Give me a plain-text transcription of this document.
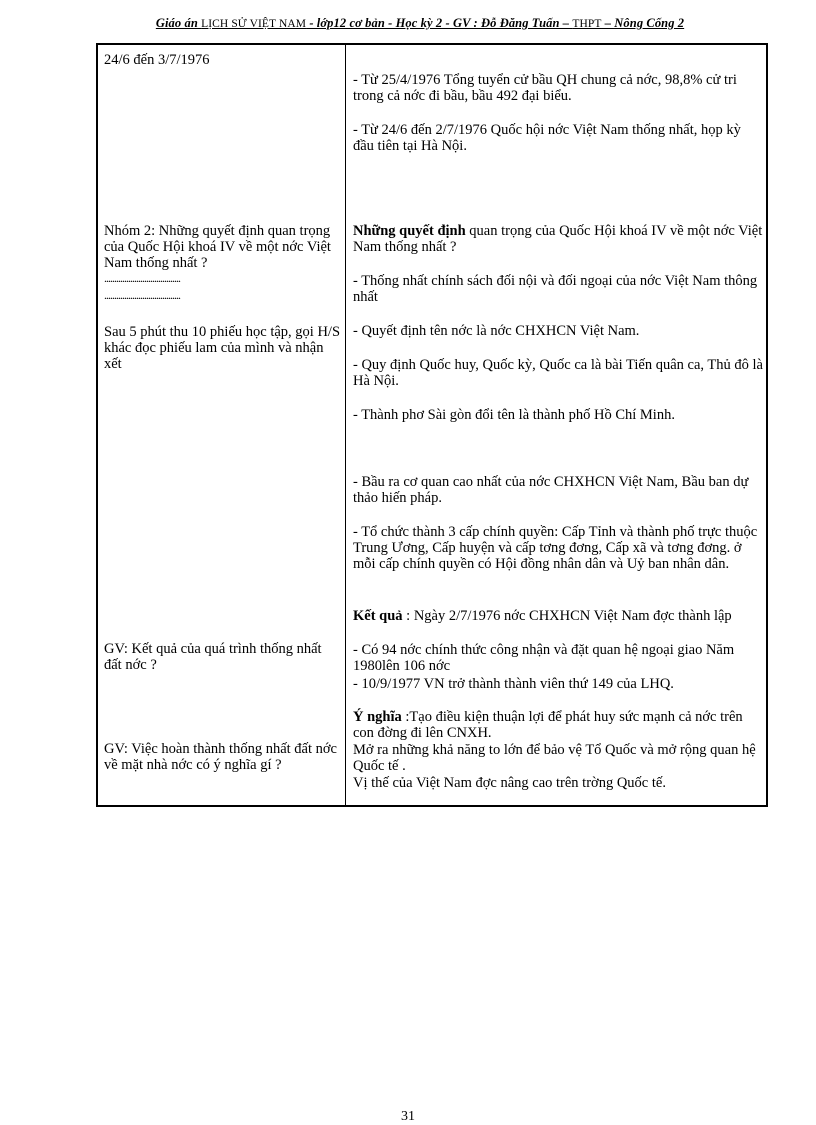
Giáo án LỊCH SỬ VIỆT NAM - lớp12 cơ bản - Học kỳ 2 - GV : Đỗ Đăng Tuấn – THPT – Nông Cống 2
24/6 đến 3/7/1976
Nhóm 2: Những quyết định quan trọng của Quốc Hội khoá IV về một nớc Việt Nam thống nhất ?
......................................
......................................
Sau 5 phút thu 10 phiếu học tập, gọi H/S khác đọc phiếu lam của mình và nhận xết
GV: Kết quả của quá trình thống nhất đất nớc ?
GV: Việc hoàn thành thống nhất đất nớc về mặt nhà nớc có ý nghĩa gí ?
- Từ 25/4/1976 Tổng tuyển cử bầu QH chung cả nớc, 98,8% cử tri trong cả nớc đi bầu, bầu 492 đại biểu.
- Từ 24/6 đến 2/7/1976 Quốc hội nớc Việt Nam thống nhất, họp kỳ đầu tiên tại Hà Nội.
Những quyết định quan trọng của Quốc Hội khoá IV về một nớc Việt Nam thống nhất ?
- Thống nhất chính sách đối nội và đối ngoại của nớc Việt Nam thông nhất
- Quyết định tên nớc là nớc CHXHCN Việt Nam.
- Quy định Quốc huy, Quốc kỳ, Quốc ca là bài Tiến quân ca, Thủ đô là Hà Nội.
- Thành phơ Sài gòn đổi tên là thành phố Hồ Chí Minh.
- Bầu ra cơ quan cao nhất của nớc CHXHCN Việt Nam, Bầu ban dự thảo hiến pháp.
- Tổ chức thành 3 cấp chính quyền: Cấp Tỉnh và thành phố trực thuộc Trung Ương, Cấp huyện và cấp tơng đơng, Cấp xã và tơng đơng. ở mỗi cấp chính quyền có Hội đồng nhân dân và Uỷ ban nhân dân.
Kết quả : Ngày 2/7/1976 nớc CHXHCN Việt Nam đợc thành lập
- Có 94 nớc chính thức công nhận và đặt quan hệ ngoại giao Năm 1980lên 106 nớc
- 10/9/1977 VN trở thành thành viên thứ 149 của LHQ.
Ý nghĩa :Tạo điều kiện thuận lợi để phát huy sức mạnh cả nớc trên con đờng đi lên CNXH.
Mở ra những khả năng to lớn để bảo vệ Tổ Quốc và mở rộng quan hệ Quốc tế .
Vị thế của Việt Nam đợc nâng cao trên trờng Quốc tế.
31
